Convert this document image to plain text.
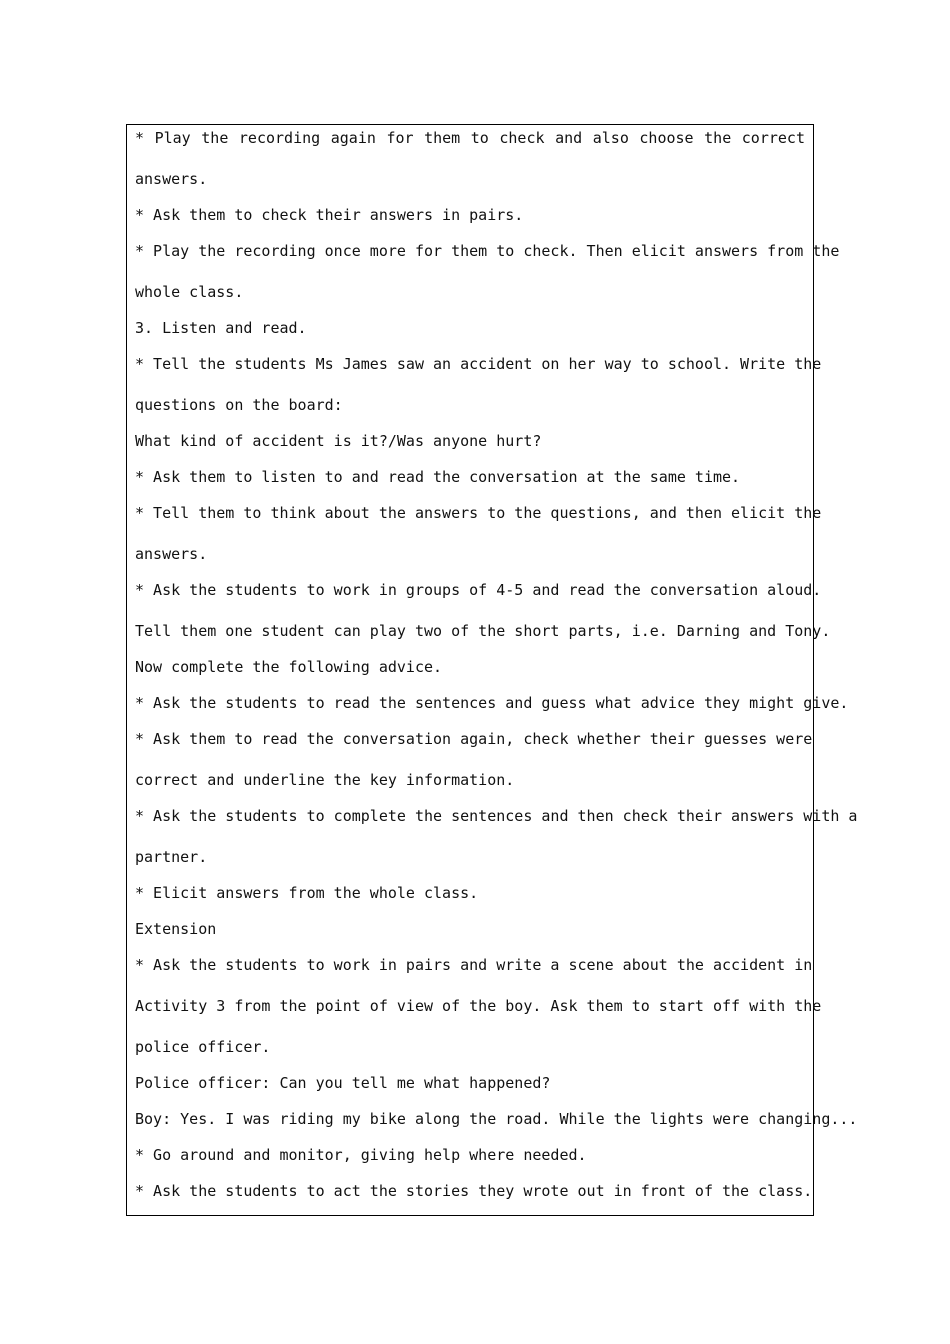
* Play the recording again for them to check and also choose the correct
answers.
* Ask them to check their answers in pairs.
* Play the recording once more for them to check. Then elicit answers from the
whole class.
3. Listen and read.
* Tell the students Ms James saw an accident on her way to school. Write the
questions on the board:
What kind of accident is it?/Was anyone hurt?
* Ask them to listen to and read the conversation at the same time.
* Tell them to think about the answers to the questions, and then elicit the
answers.
* Ask the students to work in groups of 4-5 and read the conversation aloud.
Tell them one student can play two of the short parts, i.e. Darning and Tony.
Now complete the following advice.
* Ask the students to read the sentences and guess what advice they might give.
* Ask them to read the conversation again, check whether their guesses were
correct and underline the key information.
* Ask the students to complete the sentences and then check their answers with a
partner.
* Elicit answers from the whole class.
Extension
* Ask the students to work in pairs and write a scene about the accident in
Activity 3 from the point of view of the boy. Ask them to start off with the
police officer.
Police officer: Can you tell me what happened?
Boy: Yes. I was riding my bike along the road. While the lights were changing...
* Go around and monitor, giving help where needed.
* Ask the students to act the stories they wrote out in front of the class.
